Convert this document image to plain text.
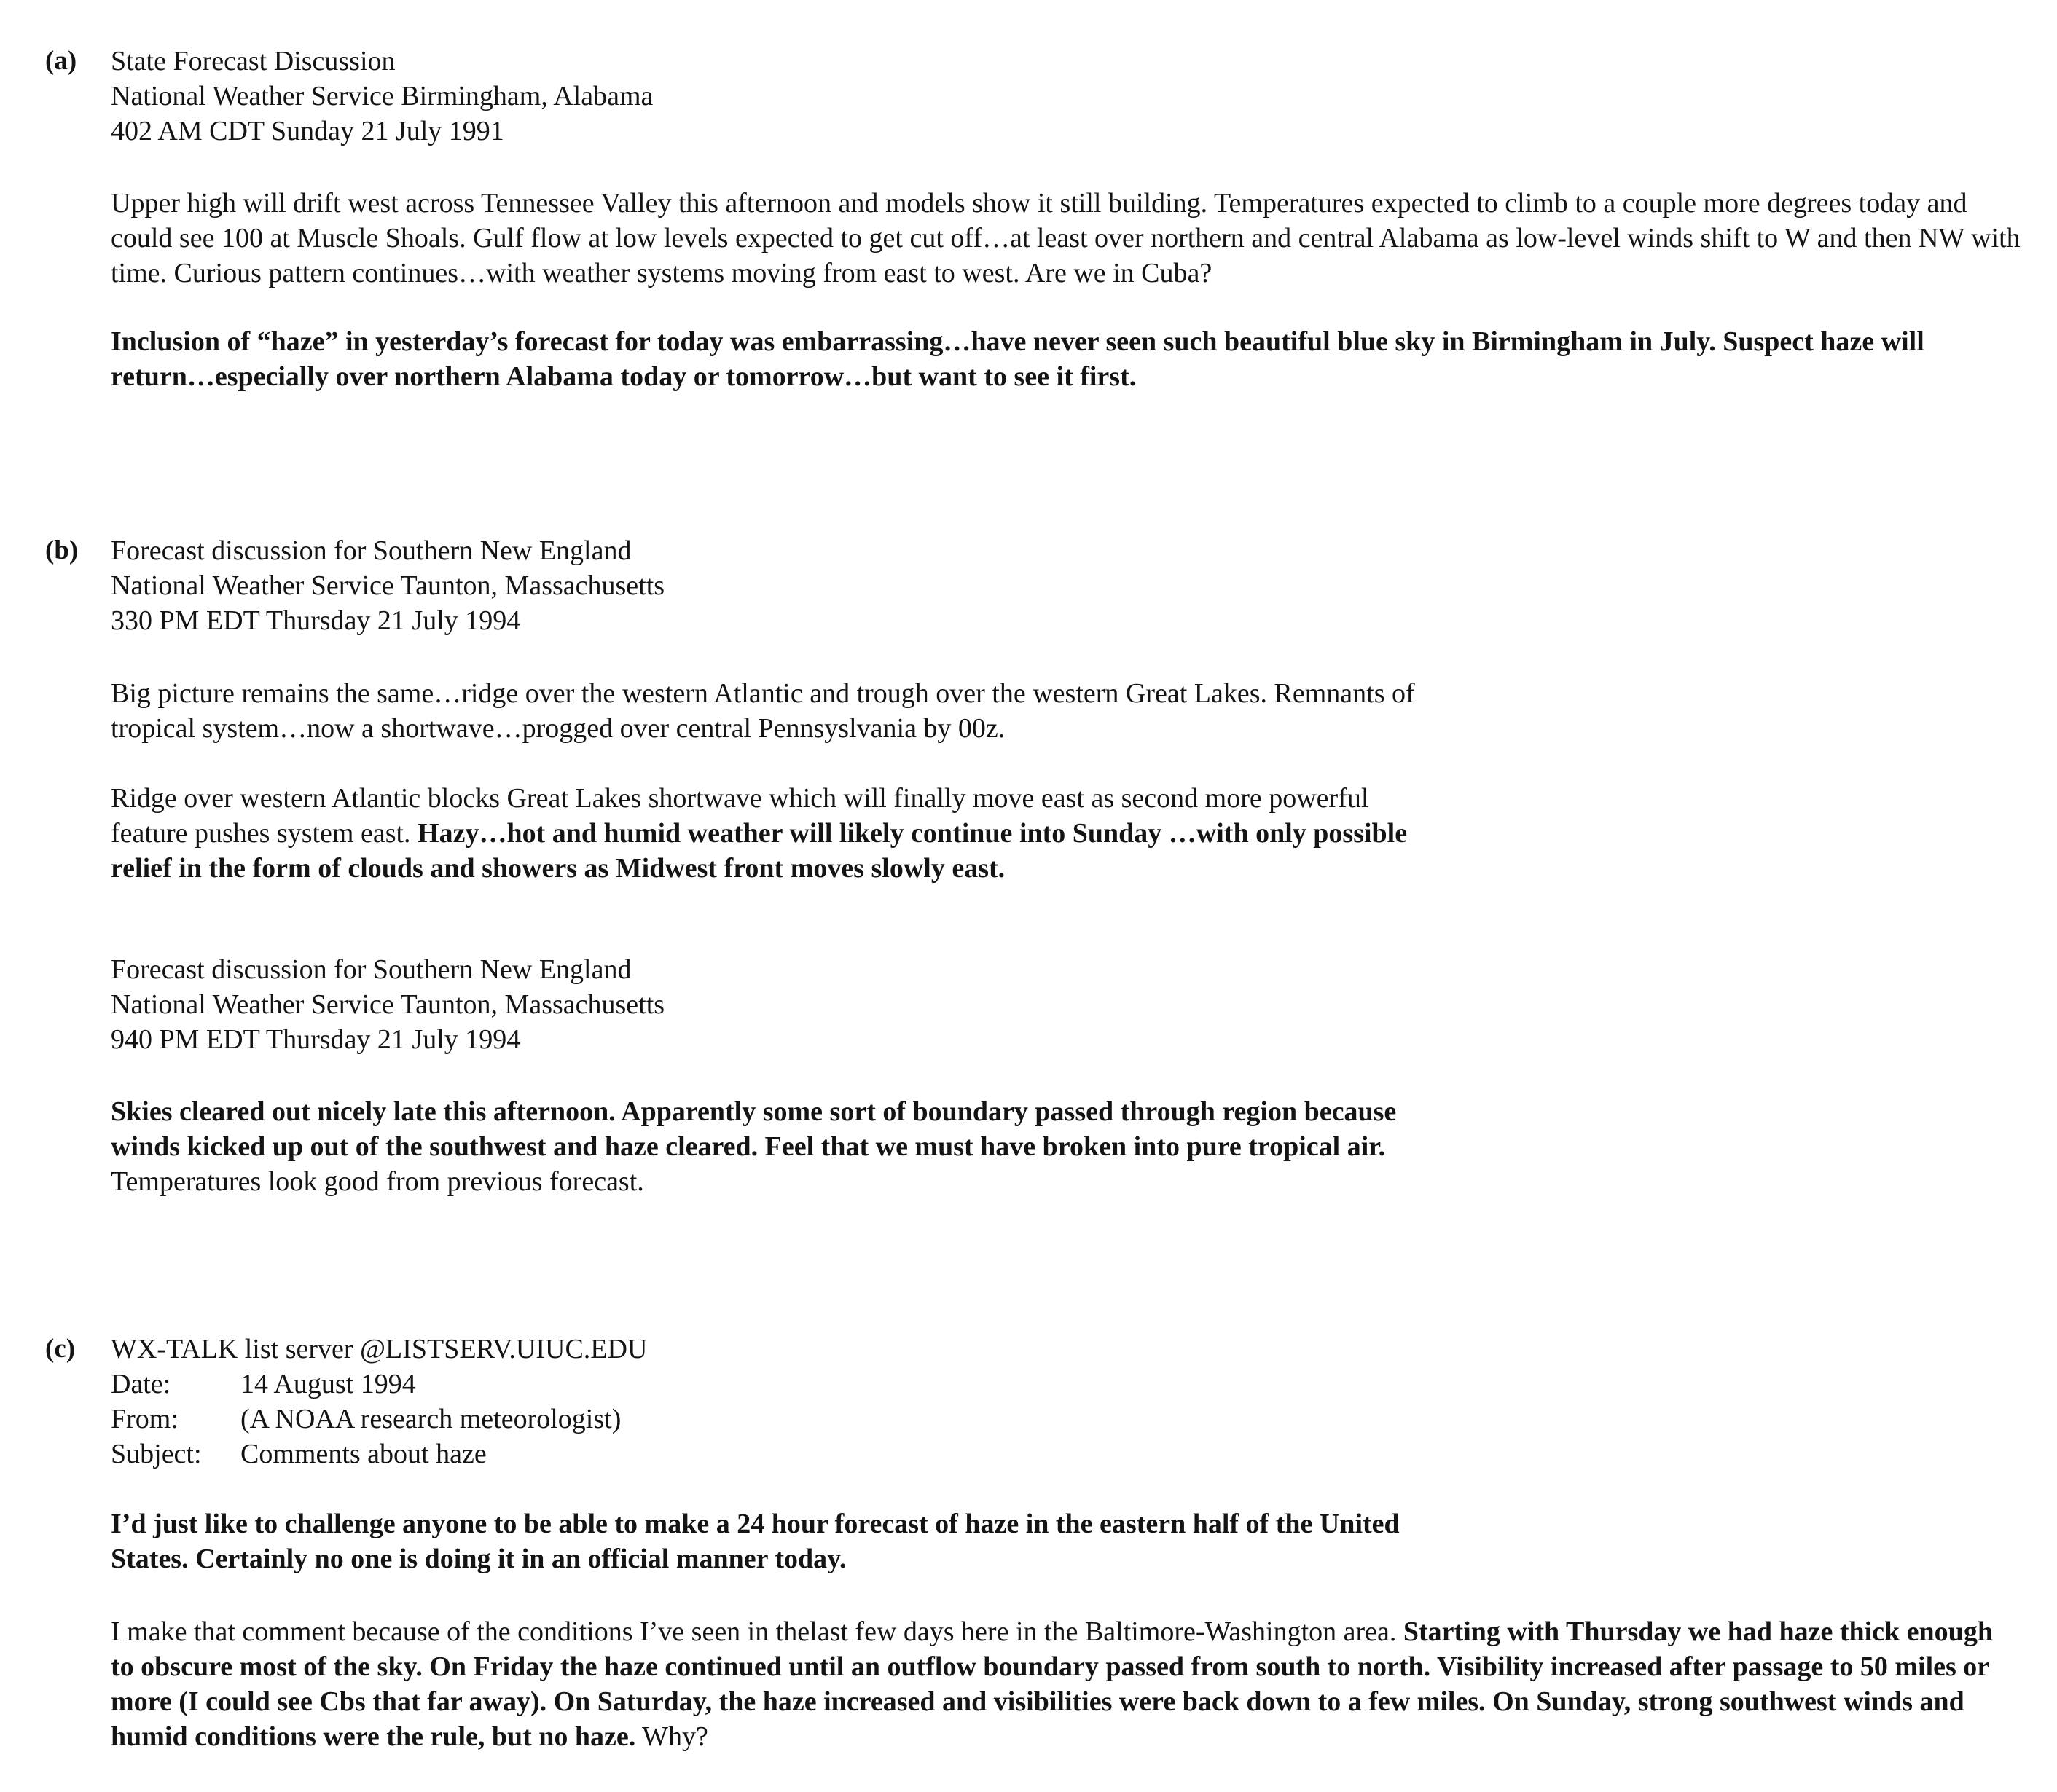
(a) State Forecast Discussion
National Weather Service Birmingham, Alabama
402 AM CDT Sunday 21 July 1991

Upper high will drift west across Tennessee Valley this afternoon and models show it still building. Temperatures expected to climb to a couple more degrees today and could see 100 at Muscle Shoals. Gulf flow at low levels expected to get cut off…at least over northern and central Alabama as low-level winds shift to W and then NW with time. Curious pattern continues…with weather systems moving from east to west. Are we in Cuba?

Inclusion of “haze” in yesterday’s forecast for today was embarrassing…have never seen such beautiful blue sky in Birmingham in July. Suspect haze will return…especially over northern Alabama today or tomorrow…but want to see it first.

(b) Forecast discussion for Southern New England
National Weather Service Taunton, Massachusetts
330 PM EDT Thursday 21 July 1994

Big picture remains the same…ridge over the western Atlantic and trough over the western Great Lakes. Remnants of tropical system…now a shortwave…progged over central Pennsyslvania by 00z.

Ridge over western Atlantic blocks Great Lakes shortwave which will finally move east as second more powerful feature pushes system east. Hazy…hot and humid weather will likely continue into Sunday …with only possible relief in the form of clouds and showers as Midwest front moves slowly east.

Forecast discussion for Southern New England
National Weather Service Taunton, Massachusetts
940 PM EDT Thursday 21 July 1994

Skies cleared out nicely late this afternoon. Apparently some sort of boundary passed through region because winds kicked up out of the southwest and haze cleared. Feel that we must have broken into pure tropical air. Temperatures look good from previous forecast.

(c) WX-TALK list server @LISTSERV.UIUC.EDU
Date:	14 August 1994
From:	(A NOAA research meteorologist)
Subject:	Comments about haze

I’d just like to challenge anyone to be able to make a 24 hour forecast of haze in the eastern half of the United States. Certainly no one is doing it in an official manner today.

I make that comment because of the conditions I’ve seen in thelast few days here in the Baltimore-Washington area. Starting with Thursday we had haze thick enough to obscure most of the sky. On Friday the haze continued until an outflow boundary passed from south to north. Visibility increased after passage to 50 miles or more (I could see Cbs that far away). On Saturday, the haze increased and visibilities were back down to a few miles. On Sunday, strong southwest winds and humid conditions were the rule, but no haze. Why?
